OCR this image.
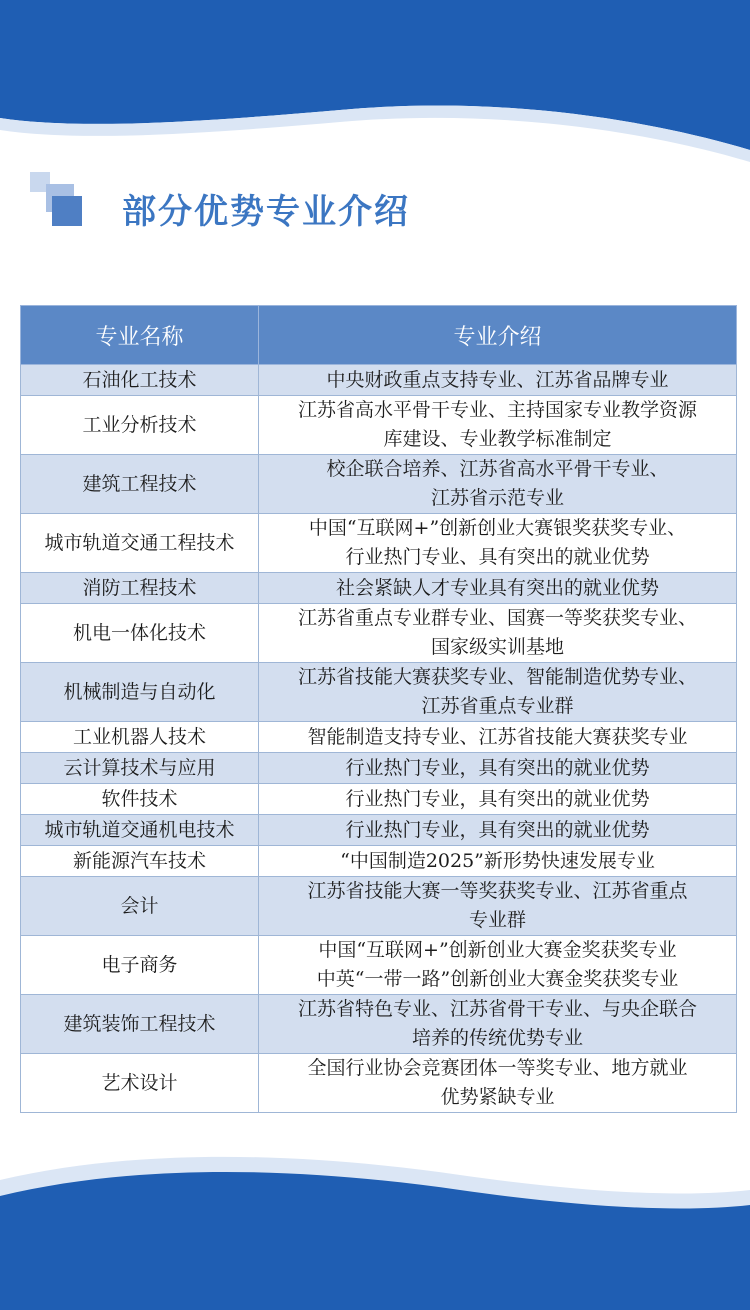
部分优势专业介绍
专业名称	专业介绍
石油化工技术	中央财政重点支持专业、江苏省品牌专业

工业分析技术	江苏省高水平骨干专业、主持国家专业教学资源
库建设、专业教学标准制定

建筑工程技术	校企联合培养、江苏省高水平骨干专业、
江苏省示范专业

城市轨道交通工程技术	中国“互联网+”创新创业大赛银奖获奖专业、
行业热门专业、具有突出的就业优势

消防工程技术	社会紧缺人才专业具有突出的就业优势

机电一体化技术	江苏省重点专业群专业、国赛一等奖获奖专业、
国家级实训基地

机械制造与自动化	江苏省技能大赛获奖专业、智能制造优势专业、
江苏省重点专业群

工业机器人技术	智能制造支持专业、江苏省技能大赛获奖专业

云计算技术与应用	行业热门专业，具有突出的就业优势

软件技术	行业热门专业，具有突出的就业优势

城市轨道交通机电技术	行业热门专业，具有突出的就业优势

新能源汽车技术	“中国制造2025”新形势快速发展专业

会计	江苏省技能大赛一等奖获奖专业、江苏省重点
专业群

电子商务	中国“互联网+”创新创业大赛金奖获奖专业
中英“一带一路”创新创业大赛金奖获奖专业

建筑装饰工程技术	江苏省特色专业、江苏省骨干专业、与央企联合
培养的传统优势专业

艺术设计	全国行业协会竞赛团体一等奖专业、地方就业
优势紧缺专业
